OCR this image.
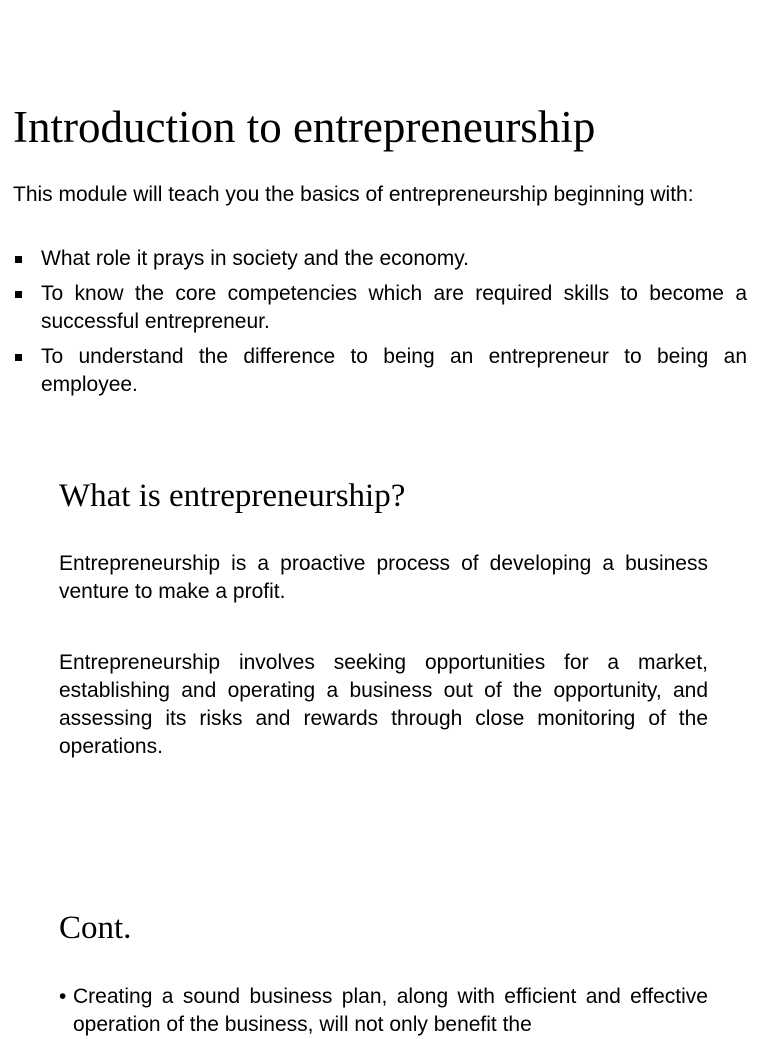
Introduction to entrepreneurship

This module will teach you the basics of entrepreneurship beginning with:

What role it prays in society and the economy.
To know the core competencies which are required skills to become a successful entrepreneur.
To understand the difference to being an entrepreneur to being an employee.
What is entrepreneurship?

Entrepreneurship is a proactive process of developing a business venture to make a profit.

Entrepreneurship involves seeking opportunities for a market, establishing and operating a business out of the opportunity, and assessing its risks and rewards through close monitoring of the operations.

Cont.
• Creating a sound business plan, along with efficient and effective operation of the business, will not only benefit the
